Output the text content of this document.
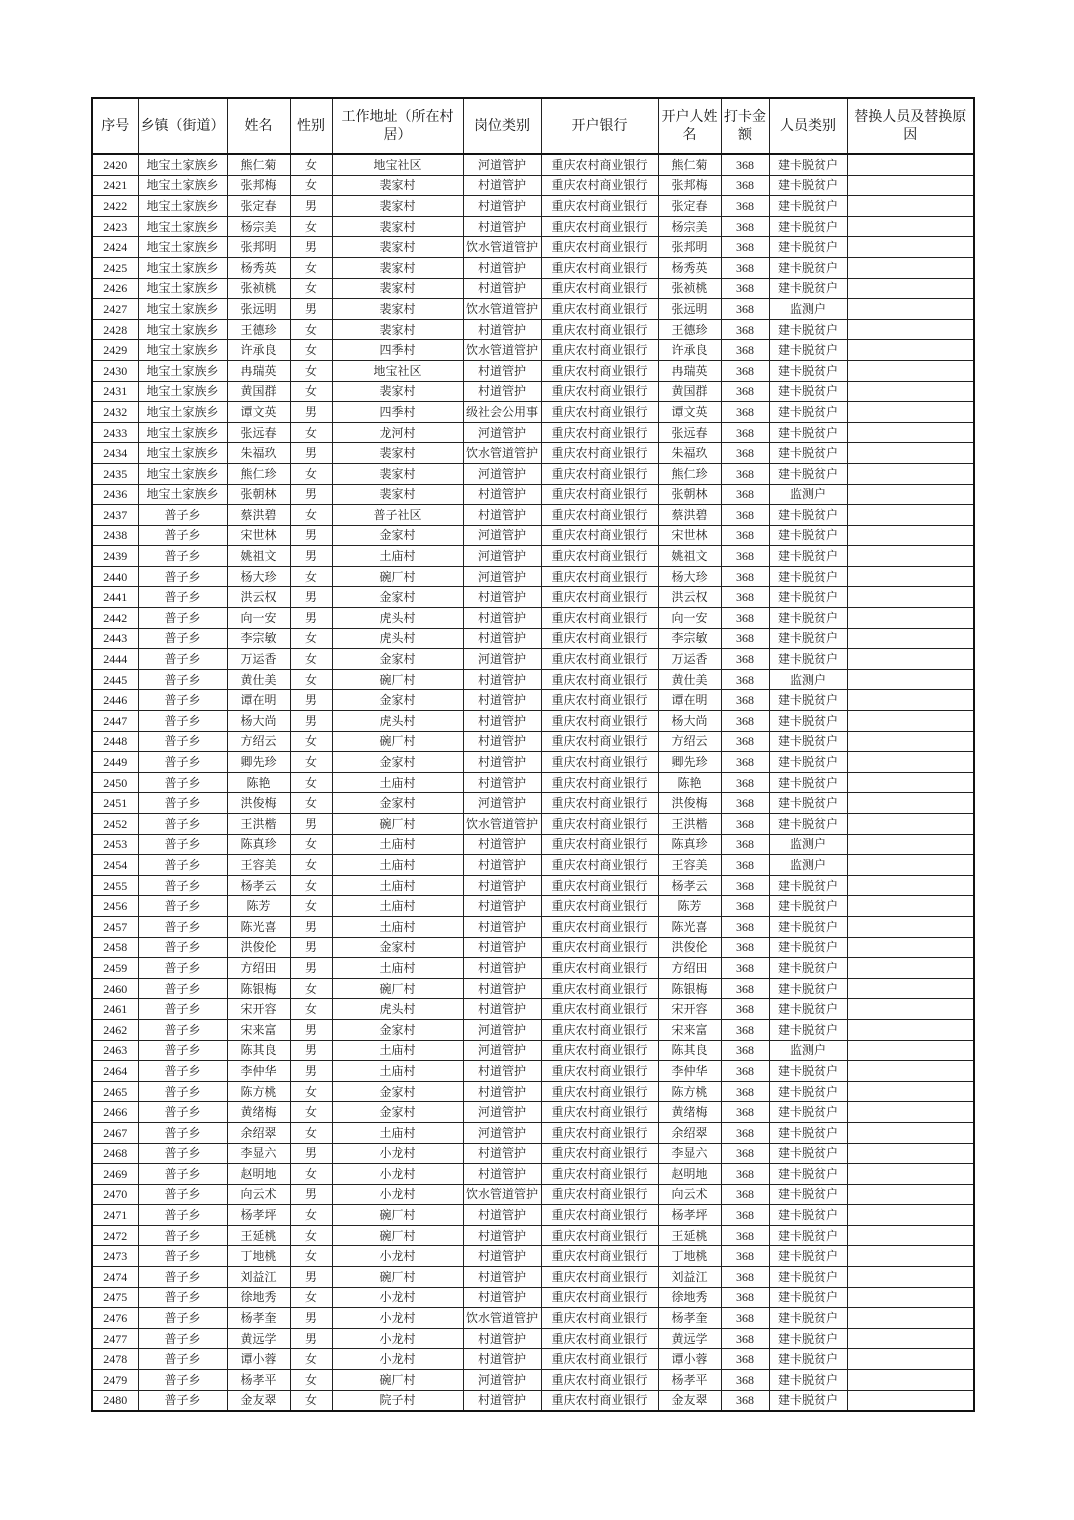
序号	乡镇（街道）	姓名	性别	工作地址（所在村居）	岗位类别	开户银行	开户人姓名	打卡金额	人员类别	替换人员及替换原因
2420	地宝土家族乡	熊仁菊	女	地宝社区	河道管护	重庆农村商业银行	熊仁菊	368	建卡脱贫户	
2421	地宝土家族乡	张邦梅	女	裴家村	村道管护	重庆农村商业银行	张邦梅	368	建卡脱贫户	
2422	地宝土家族乡	张定春	男	裴家村	村道管护	重庆农村商业银行	张定春	368	建卡脱贫户	
2423	地宝土家族乡	杨宗美	女	裴家村	村道管护	重庆农村商业银行	杨宗美	368	建卡脱贫户	
2424	地宝土家族乡	张邦明	男	裴家村	饮水管道管护	重庆农村商业银行	张邦明	368	建卡脱贫户	
2425	地宝土家族乡	杨秀英	女	裴家村	村道管护	重庆农村商业银行	杨秀英	368	建卡脱贫户	
2426	地宝土家族乡	张祯桃	女	裴家村	村道管护	重庆农村商业银行	张祯桃	368	建卡脱贫户	
2427	地宝土家族乡	张远明	男	裴家村	饮水管道管护	重庆农村商业银行	张远明	368	监测户	
2428	地宝土家族乡	王德珍	女	裴家村	村道管护	重庆农村商业银行	王德珍	368	建卡脱贫户	
2429	地宝土家族乡	许承良	女	四季村	饮水管道管护	重庆农村商业银行	许承良	368	建卡脱贫户	
2430	地宝土家族乡	冉瑞英	女	地宝社区	村道管护	重庆农村商业银行	冉瑞英	368	建卡脱贫户	
2431	地宝土家族乡	黄国群	女	裴家村	村道管护	重庆农村商业银行	黄国群	368	建卡脱贫户	
2432	地宝土家族乡	谭文英	男	四季村	级社会公用事	重庆农村商业银行	谭文英	368	建卡脱贫户	
2433	地宝土家族乡	张远春	女	龙河村	河道管护	重庆农村商业银行	张远春	368	建卡脱贫户	
2434	地宝土家族乡	朱福玖	男	裴家村	饮水管道管护	重庆农村商业银行	朱福玖	368	建卡脱贫户	
2435	地宝土家族乡	熊仁珍	女	裴家村	河道管护	重庆农村商业银行	熊仁珍	368	建卡脱贫户	
2436	地宝土家族乡	张朝林	男	裴家村	村道管护	重庆农村商业银行	张朝林	368	监测户	
2437	普子乡	蔡洪碧	女	普子社区	村道管护	重庆农村商业银行	蔡洪碧	368	建卡脱贫户	
2438	普子乡	宋世林	男	金家村	河道管护	重庆农村商业银行	宋世林	368	建卡脱贫户	
2439	普子乡	姚祖文	男	土庙村	河道管护	重庆农村商业银行	姚祖文	368	建卡脱贫户	
2440	普子乡	杨大珍	女	碗厂村	河道管护	重庆农村商业银行	杨大珍	368	建卡脱贫户	
2441	普子乡	洪云权	男	金家村	村道管护	重庆农村商业银行	洪云权	368	建卡脱贫户	
2442	普子乡	向一安	男	虎头村	村道管护	重庆农村商业银行	向一安	368	建卡脱贫户	
2443	普子乡	李宗敏	女	虎头村	村道管护	重庆农村商业银行	李宗敏	368	建卡脱贫户	
2444	普子乡	万运香	女	金家村	河道管护	重庆农村商业银行	万运香	368	建卡脱贫户	
2445	普子乡	黄仕美	女	碗厂村	村道管护	重庆农村商业银行	黄仕美	368	监测户	
2446	普子乡	谭在明	男	金家村	村道管护	重庆农村商业银行	谭在明	368	建卡脱贫户	
2447	普子乡	杨大尚	男	虎头村	村道管护	重庆农村商业银行	杨大尚	368	建卡脱贫户	
2448	普子乡	方绍云	女	碗厂村	村道管护	重庆农村商业银行	方绍云	368	建卡脱贫户	
2449	普子乡	卿先珍	女	金家村	村道管护	重庆农村商业银行	卿先珍	368	建卡脱贫户	
2450	普子乡	陈艳	女	土庙村	村道管护	重庆农村商业银行	陈艳	368	建卡脱贫户	
2451	普子乡	洪俊梅	女	金家村	河道管护	重庆农村商业银行	洪俊梅	368	建卡脱贫户	
2452	普子乡	王洪楷	男	碗厂村	饮水管道管护	重庆农村商业银行	王洪楷	368	建卡脱贫户	
2453	普子乡	陈真珍	女	土庙村	村道管护	重庆农村商业银行	陈真珍	368	监测户	
2454	普子乡	王容美	女	土庙村	村道管护	重庆农村商业银行	王容美	368	监测户	
2455	普子乡	杨孝云	女	土庙村	村道管护	重庆农村商业银行	杨孝云	368	建卡脱贫户	
2456	普子乡	陈芳	女	土庙村	村道管护	重庆农村商业银行	陈芳	368	建卡脱贫户	
2457	普子乡	陈光喜	男	土庙村	村道管护	重庆农村商业银行	陈光喜	368	建卡脱贫户	
2458	普子乡	洪俊伦	男	金家村	村道管护	重庆农村商业银行	洪俊伦	368	建卡脱贫户	
2459	普子乡	方绍田	男	土庙村	村道管护	重庆农村商业银行	方绍田	368	建卡脱贫户	
2460	普子乡	陈银梅	女	碗厂村	村道管护	重庆农村商业银行	陈银梅	368	建卡脱贫户	
2461	普子乡	宋开容	女	虎头村	村道管护	重庆农村商业银行	宋开容	368	建卡脱贫户	
2462	普子乡	宋来富	男	金家村	河道管护	重庆农村商业银行	宋来富	368	建卡脱贫户	
2463	普子乡	陈其良	男	土庙村	河道管护	重庆农村商业银行	陈其良	368	监测户	
2464	普子乡	李仲华	男	土庙村	村道管护	重庆农村商业银行	李仲华	368	建卡脱贫户	
2465	普子乡	陈方桃	女	金家村	村道管护	重庆农村商业银行	陈方桃	368	建卡脱贫户	
2466	普子乡	黄绪梅	女	金家村	河道管护	重庆农村商业银行	黄绪梅	368	建卡脱贫户	
2467	普子乡	余绍翠	女	土庙村	河道管护	重庆农村商业银行	余绍翠	368	建卡脱贫户	
2468	普子乡	李显六	男	小龙村	村道管护	重庆农村商业银行	李显六	368	建卡脱贫户	
2469	普子乡	赵明地	女	小龙村	村道管护	重庆农村商业银行	赵明地	368	建卡脱贫户	
2470	普子乡	向云术	男	小龙村	饮水管道管护	重庆农村商业银行	向云术	368	建卡脱贫户	
2471	普子乡	杨孝坪	女	碗厂村	村道管护	重庆农村商业银行	杨孝坪	368	建卡脱贫户	
2472	普子乡	王延桃	女	碗厂村	村道管护	重庆农村商业银行	王延桃	368	建卡脱贫户	
2473	普子乡	丁地桃	女	小龙村	村道管护	重庆农村商业银行	丁地桃	368	建卡脱贫户	
2474	普子乡	刘益江	男	碗厂村	村道管护	重庆农村商业银行	刘益江	368	建卡脱贫户	
2475	普子乡	徐地秀	女	小龙村	村道管护	重庆农村商业银行	徐地秀	368	建卡脱贫户	
2476	普子乡	杨孝奎	男	小龙村	饮水管道管护	重庆农村商业银行	杨孝奎	368	建卡脱贫户	
2477	普子乡	黄远学	男	小龙村	村道管护	重庆农村商业银行	黄远学	368	建卡脱贫户	
2478	普子乡	谭小蓉	女	小龙村	村道管护	重庆农村商业银行	谭小蓉	368	建卡脱贫户	
2479	普子乡	杨孝平	女	碗厂村	河道管护	重庆农村商业银行	杨孝平	368	建卡脱贫户	
2480	普子乡	金友翠	女	院子村	村道管护	重庆农村商业银行	金友翠	368	建卡脱贫户	
